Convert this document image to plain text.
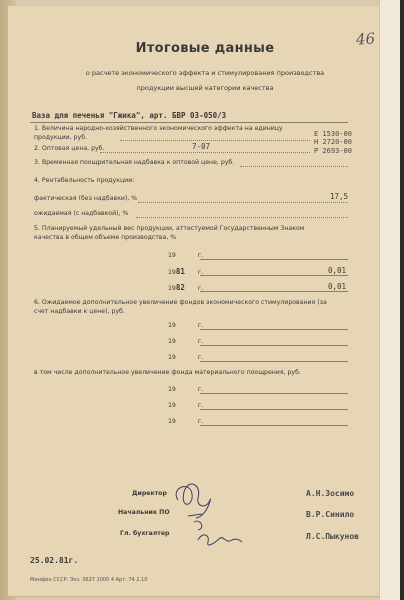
46
Итоговые данные
о расчете экономического эффекта и стимулирования производства
продукции высшей категории качества
Ваза для печенья "Гжика", арт. БВР 03-050/3
1. Величина народно-хозяйственного экономического эффекта на единицу продукции, руб.	Е 1530-00
Н 2720-00
Р 2693-00
2. Оптовая цена, руб.	7-07
3. Временная поощрительная надбавка к оптовой цене, руб.
4. Рентабельность продукции:
фактическая (без надбавки), %	17,5
ожидаемая (с надбавкой), %
5. Планируемый удельный вес продукции, аттестуемой Государственным Знаком качества в общем объеме производства, %
19	г.
1981 г.	0,01
1982 г.	0,01
6. Ожидаемое дополнительное увеличение фондов экономического стимулирования (за счет надбавки к цене), руб.
19	г.
19	г.
19	г.
в том числе дополнительное увеличение фонда материального поощрения, руб.
19	г.
19	г.
19	г.
Директор	А.Н.Зосимо
Начальник ПО	В.Р.Синило
Гл. бухгалтер	Л.С.Пыкунов
25.02.81г.
Минфин СССР. Экз. 3627 1000 4 Арт. 74 2.10
